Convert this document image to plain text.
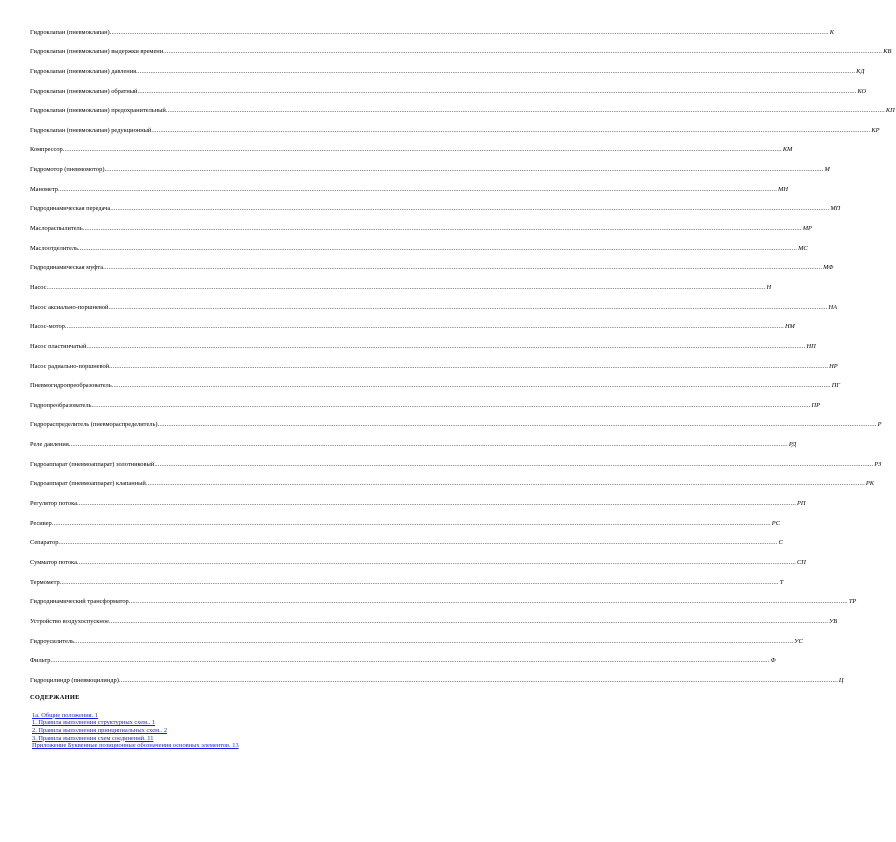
Гидроклапан (пневмоклапан) ................................................................................................................................................................................................................................................................................................................................................................................................................ К
Гидроклапан (пневмоклапан) выдержки времени ................................................................................................................................................................................................................................................................................................................................................................................................................ КВ
Гидроклапан (пневмоклапан) давления ................................................................................................................................................................................................................................................................................................................................................................................................................ КД
Гидроклапан (пневмоклапан) обратный ................................................................................................................................................................................................................................................................................................................................................................................................................ КО
Гидроклапан (пневмоклапан) предохранительный ................................................................................................................................................................................................................................................................................................................................................................................................................ КП
Гидроклапан (пневмоклапан) редукционный ................................................................................................................................................................................................................................................................................................................................................................................................................ КР
Компрессор ................................................................................................................................................................................................................................................................................................................................................................................................................ КМ
Гидромотор (пневмомотор) ................................................................................................................................................................................................................................................................................................................................................................................................................ М
Манометр ................................................................................................................................................................................................................................................................................................................................................................................................................ МН
Гидродинамическая передача ................................................................................................................................................................................................................................................................................................................................................................................................................ МП
Маслораспылитель ................................................................................................................................................................................................................................................................................................................................................................................................................ МР
Маслоотделитель ................................................................................................................................................................................................................................................................................................................................................................................................................ МС
Гидродинамическая муфта ................................................................................................................................................................................................................................................................................................................................................................................................................ МФ
Насос ................................................................................................................................................................................................................................................................................................................................................................................................................ Н
Насос аксиально-поршневой ................................................................................................................................................................................................................................................................................................................................................................................................................ НА
Насос-мотор ................................................................................................................................................................................................................................................................................................................................................................................................................ НМ
Насос пластинчатый ................................................................................................................................................................................................................................................................................................................................................................................................................ НП
Насос радиально-поршневой ................................................................................................................................................................................................................................................................................................................................................................................................................ НР
Пневмогидропреобразователь ................................................................................................................................................................................................................................................................................................................................................................................................................ ПГ
Гидропреобразователь ................................................................................................................................................................................................................................................................................................................................................................................................................ ПР
Гидрораспределитель (пневмораспределитель) ................................................................................................................................................................................................................................................................................................................................................................................................................ Р
Реле давления ................................................................................................................................................................................................................................................................................................................................................................................................................ РД
Гидроаппарат (пневмоаппарат) золотниковый ................................................................................................................................................................................................................................................................................................................................................................................................................ РЗ
Гидроаппарат (пневмоаппарат) клапанный ................................................................................................................................................................................................................................................................................................................................................................................................................ РК
Регулятор потока ................................................................................................................................................................................................................................................................................................................................................................................................................ РП
Ресивер ................................................................................................................................................................................................................................................................................................................................................................................................................ РС
Сепаратор ................................................................................................................................................................................................................................................................................................................................................................................................................ С
Сумматор потока ................................................................................................................................................................................................................................................................................................................................................................................................................ СП
Термометр ................................................................................................................................................................................................................................................................................................................................................................................................................ Т
Гидродинамический трансформатор ................................................................................................................................................................................................................................................................................................................................................................................................................ ТР
Устройство воздухоспускное ................................................................................................................................................................................................................................................................................................................................................................................................................ УВ
Гидроусилитель ................................................................................................................................................................................................................................................................................................................................................................................................................ УС
Фильтр ................................................................................................................................................................................................................................................................................................................................................................................................................ Ф
Гидроцилиндр (пневмоцилиндр) ................................................................................................................................................................................................................................................................................................................................................................................................................ Ц
СОДЕРЖАНИЕ
1а. Общие положения. 1
1. Правила выполнения структурных схем.. 1
2. Правила выполнения принципиальных схем.. 2
3. Правила выполнения схем соединений. 11
Приложение Буквенные позиционные обозначения основных элементов. 13
